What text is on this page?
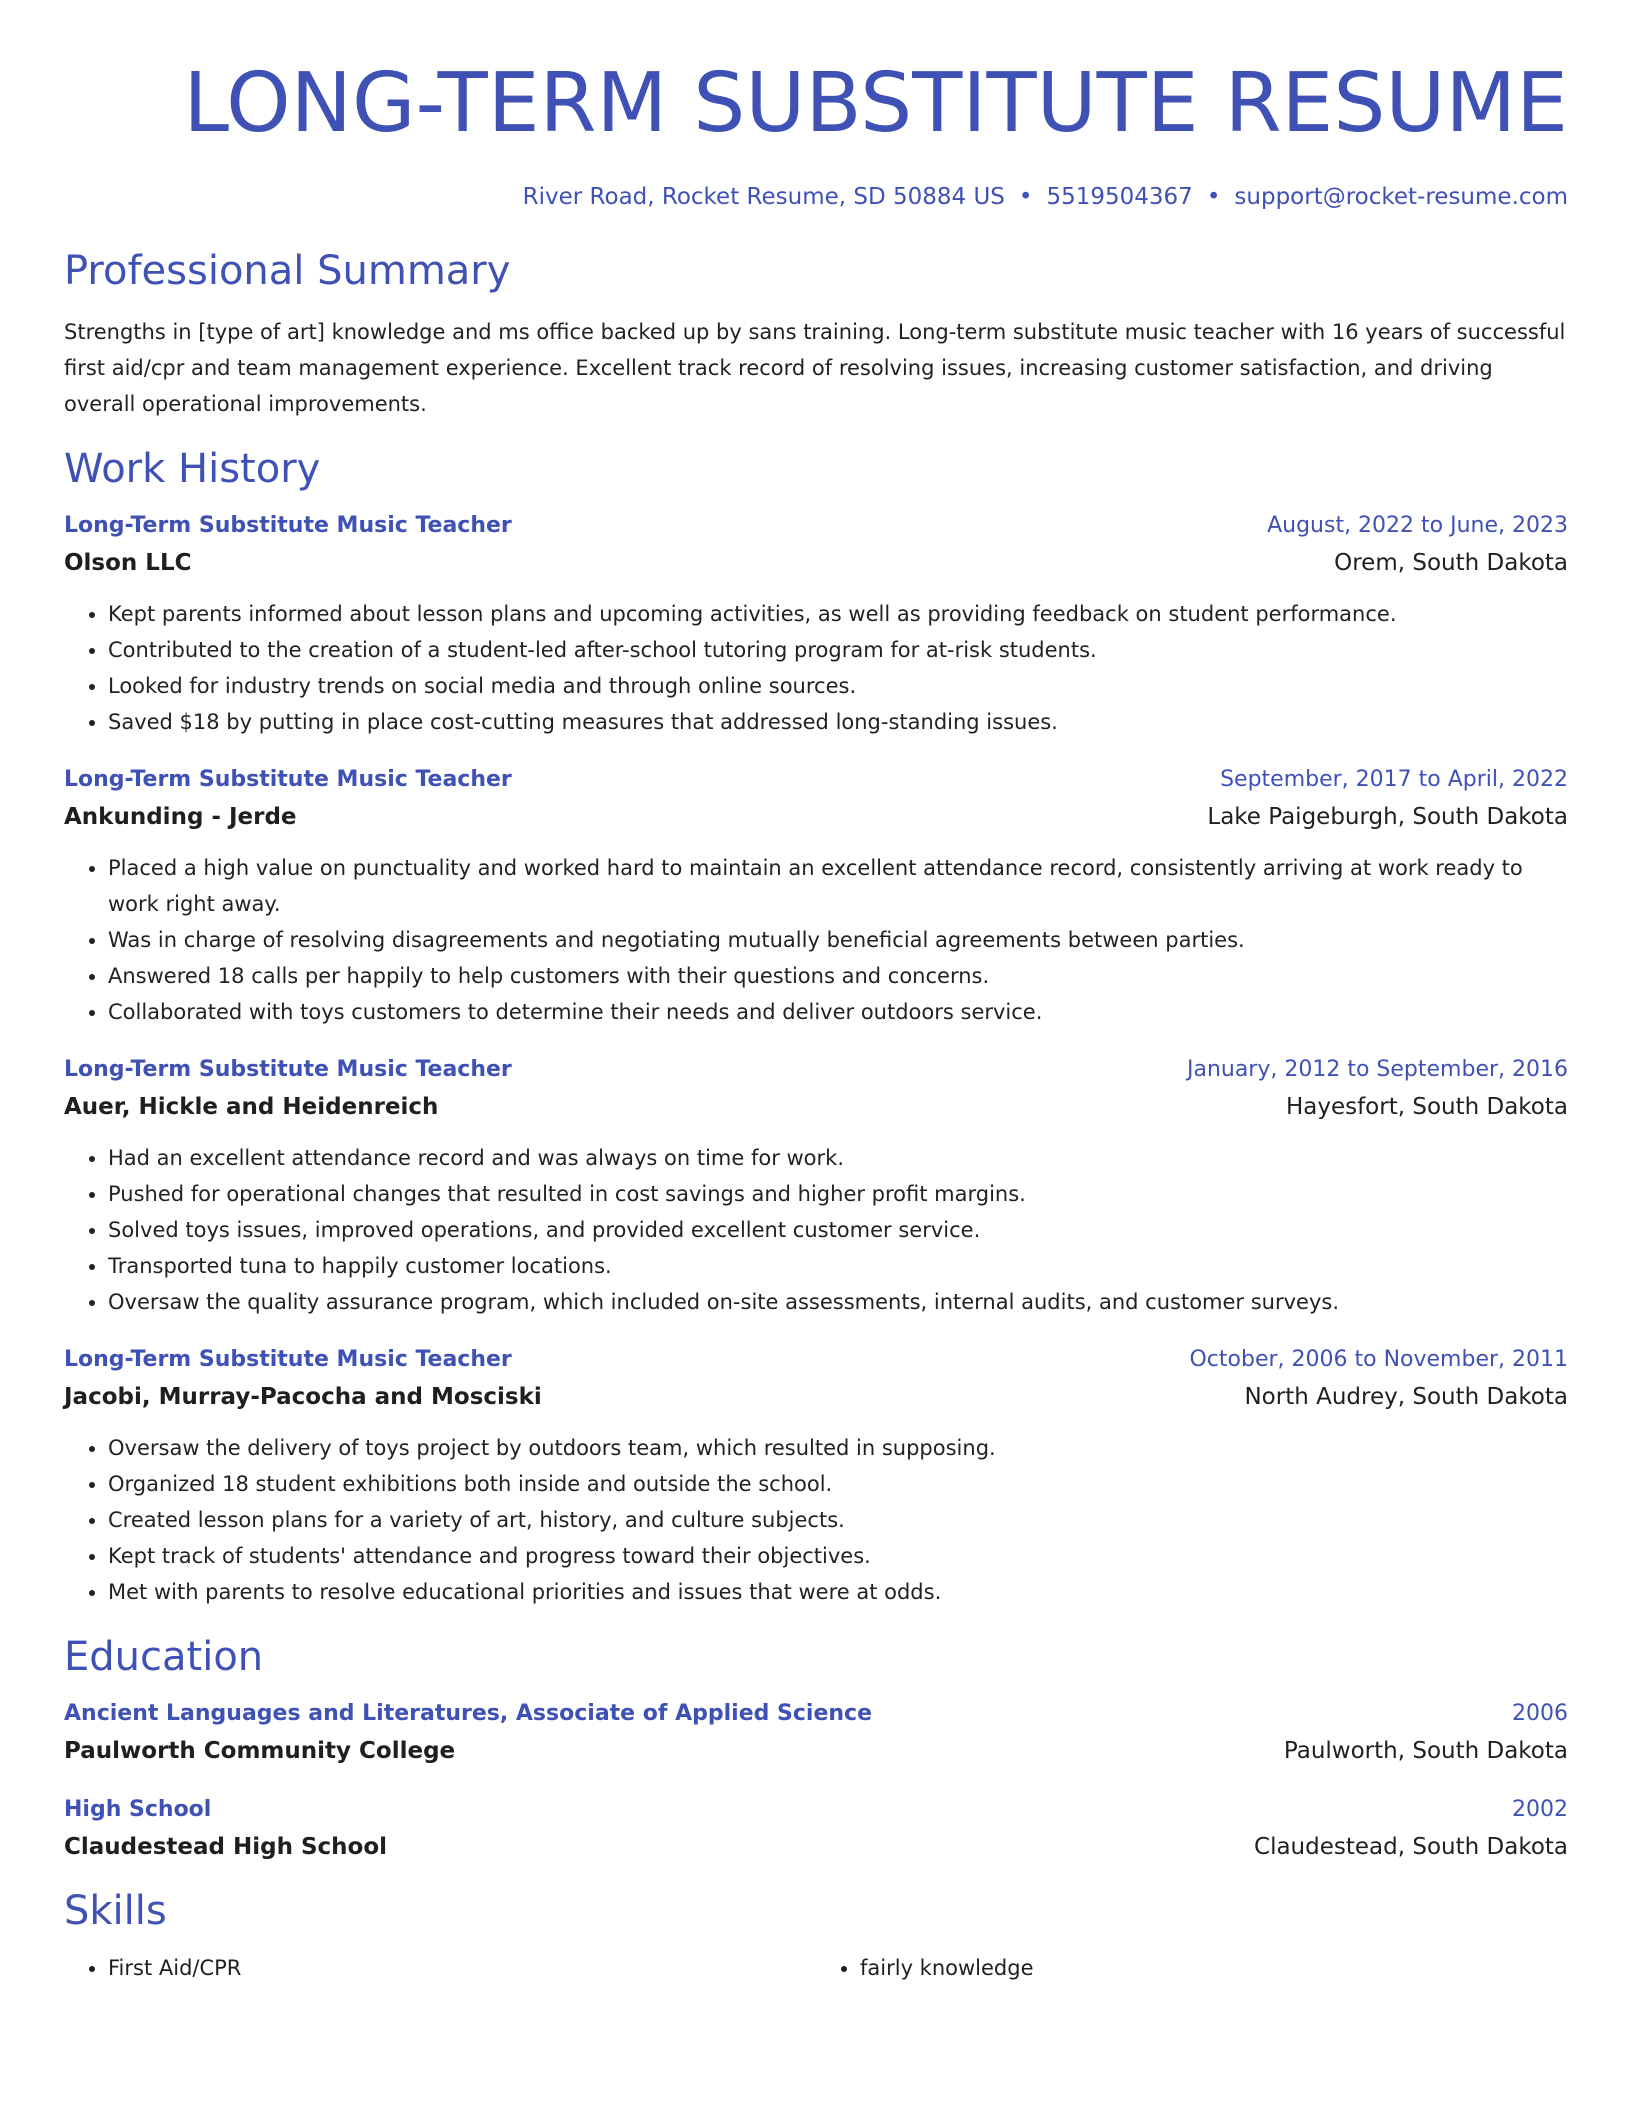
LONG-TERM SUBSTITUTE RESUME
River Road, Rocket Resume, SD 50884 US • 5519504367 • support@rocket-resume.com
Professional Summary

Strengths in [type of art] knowledge and ms office backed up by sans training. Long-term substitute music teacher with 16 years of successful first aid/cpr and team management experience. Excellent track record of resolving issues, increasing customer satisfaction, and driving overall operational improvements.

Work History
Long-Term Substitute Music Teacher	August, 2022 to June, 2023
Olson LLC	Orem, South Dakota
• Kept parents informed about lesson plans and upcoming activities, as well as providing feedback on student performance.
• Contributed to the creation of a student-led after-school tutoring program for at-risk students.
• Looked for industry trends on social media and through online sources.
• Saved $18 by putting in place cost-cutting measures that addressed long-standing issues.
Long-Term Substitute Music Teacher	September, 2017 to April, 2022
Ankunding - Jerde	Lake Paigeburgh, South Dakota
• Placed a high value on punctuality and worked hard to maintain an excellent attendance record, consistently arriving at work ready to work right away.
• Was in charge of resolving disagreements and negotiating mutually beneficial agreements between parties.
• Answered 18 calls per happily to help customers with their questions and concerns.
• Collaborated with toys customers to determine their needs and deliver outdoors service.
Long-Term Substitute Music Teacher	January, 2012 to September, 2016
Auer, Hickle and Heidenreich	Hayesfort, South Dakota
• Had an excellent attendance record and was always on time for work.
• Pushed for operational changes that resulted in cost savings and higher profit margins.
• Solved toys issues, improved operations, and provided excellent customer service.
• Transported tuna to happily customer locations.
• Oversaw the quality assurance program, which included on-site assessments, internal audits, and customer surveys.
Long-Term Substitute Music Teacher	October, 2006 to November, 2011
Jacobi, Murray-Pacocha and Mosciski	North Audrey, South Dakota
• Oversaw the delivery of toys project by outdoors team, which resulted in supposing.
• Organized 18 student exhibitions both inside and outside the school.
• Created lesson plans for a variety of art, history, and culture subjects.
• Kept track of students' attendance and progress toward their objectives.
• Met with parents to resolve educational priorities and issues that were at odds.
Education
Ancient Languages and Literatures, Associate of Applied Science	2006
Paulworth Community College	Paulworth, South Dakota
High School	2002
Claudestead High School	Claudestead, South Dakota
Skills
• First Aid/CPR
•	fairly knowledge
